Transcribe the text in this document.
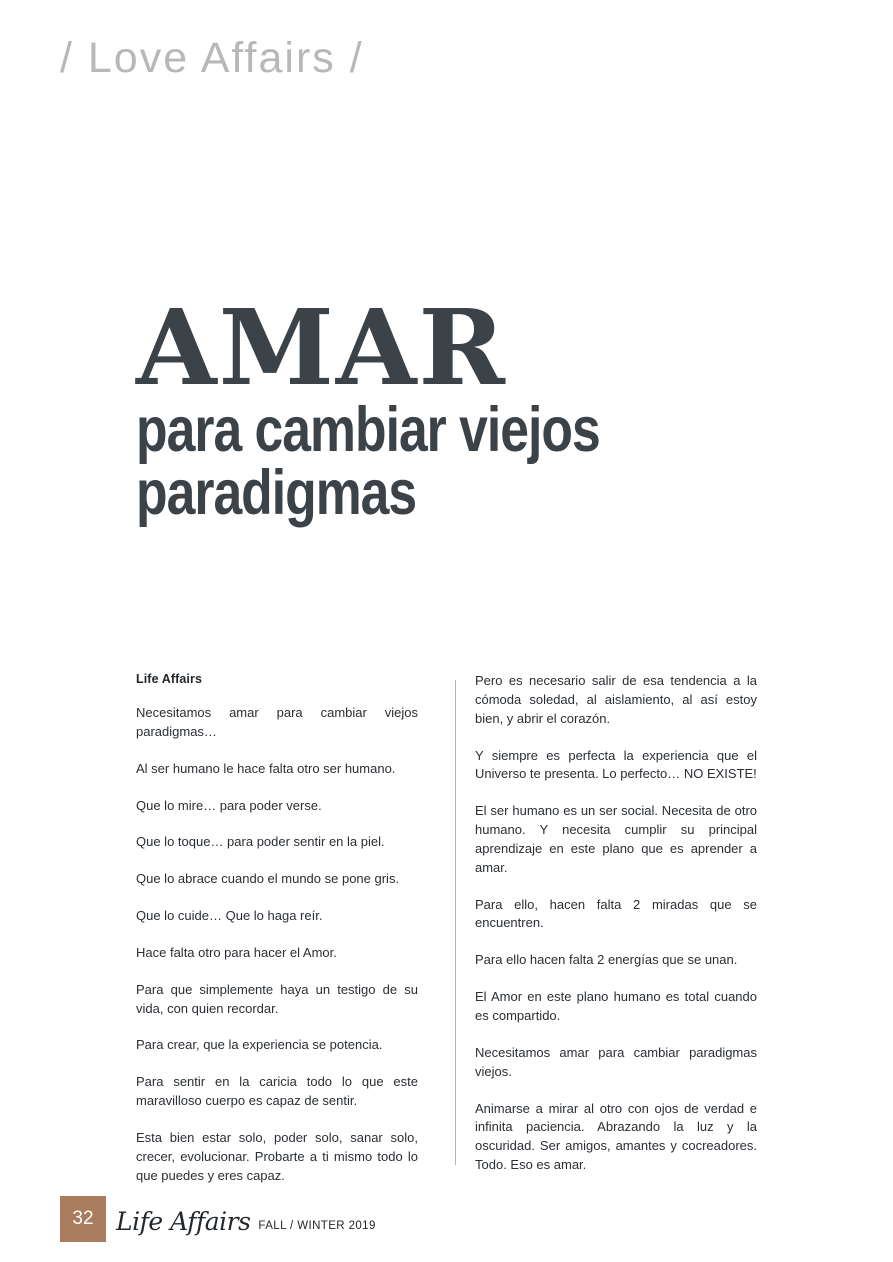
/ Love Affairs /
AMAR
para cambiar viejos
paradigmas
Life Affairs

Necesitamos amar para cambiar viejos paradigmas…

Al ser humano le hace falta otro ser humano.

Que lo mire… para poder verse.

Que lo toque… para poder sentir en la piel.

Que lo abrace cuando el mundo se pone gris.

Que lo cuide… Que lo haga reír.

Hace falta otro para hacer el Amor.

Para que simplemente haya un testigo de su vida, con quien recordar.

Para crear, que la experiencia se potencia.

Para sentir en la caricia todo lo que este maravilloso cuerpo es capaz de sentir.

Esta bien estar solo, poder solo, sanar solo, crecer, evolucionar. Probarte a ti mismo todo lo que puedes y eres capaz.

Pero es necesario salir de esa tendencia a la cómoda soledad, al aislamiento, al así estoy bien, y abrir el corazón.

Y siempre es perfecta la experiencia que el Universo te presenta. Lo perfecto… NO EXISTE!

El ser humano es un ser social. Necesita de otro humano. Y necesita cumplir su principal aprendizaje en este plano que es aprender a amar.

Para ello, hacen falta 2 miradas que se encuentren.

Para ello hacen falta 2 energías que se unan.

El Amor en este plano humano es total cuando es compartido.

Necesitamos amar para cambiar paradigmas viejos.

Animarse a mirar al otro con ojos de verdad e infinita paciencia. Abrazando la luz y la oscuridad. Ser amigos, amantes y cocreadores. Todo. Eso es amar.

32 Life Affairs FALL / WINTER 2019
